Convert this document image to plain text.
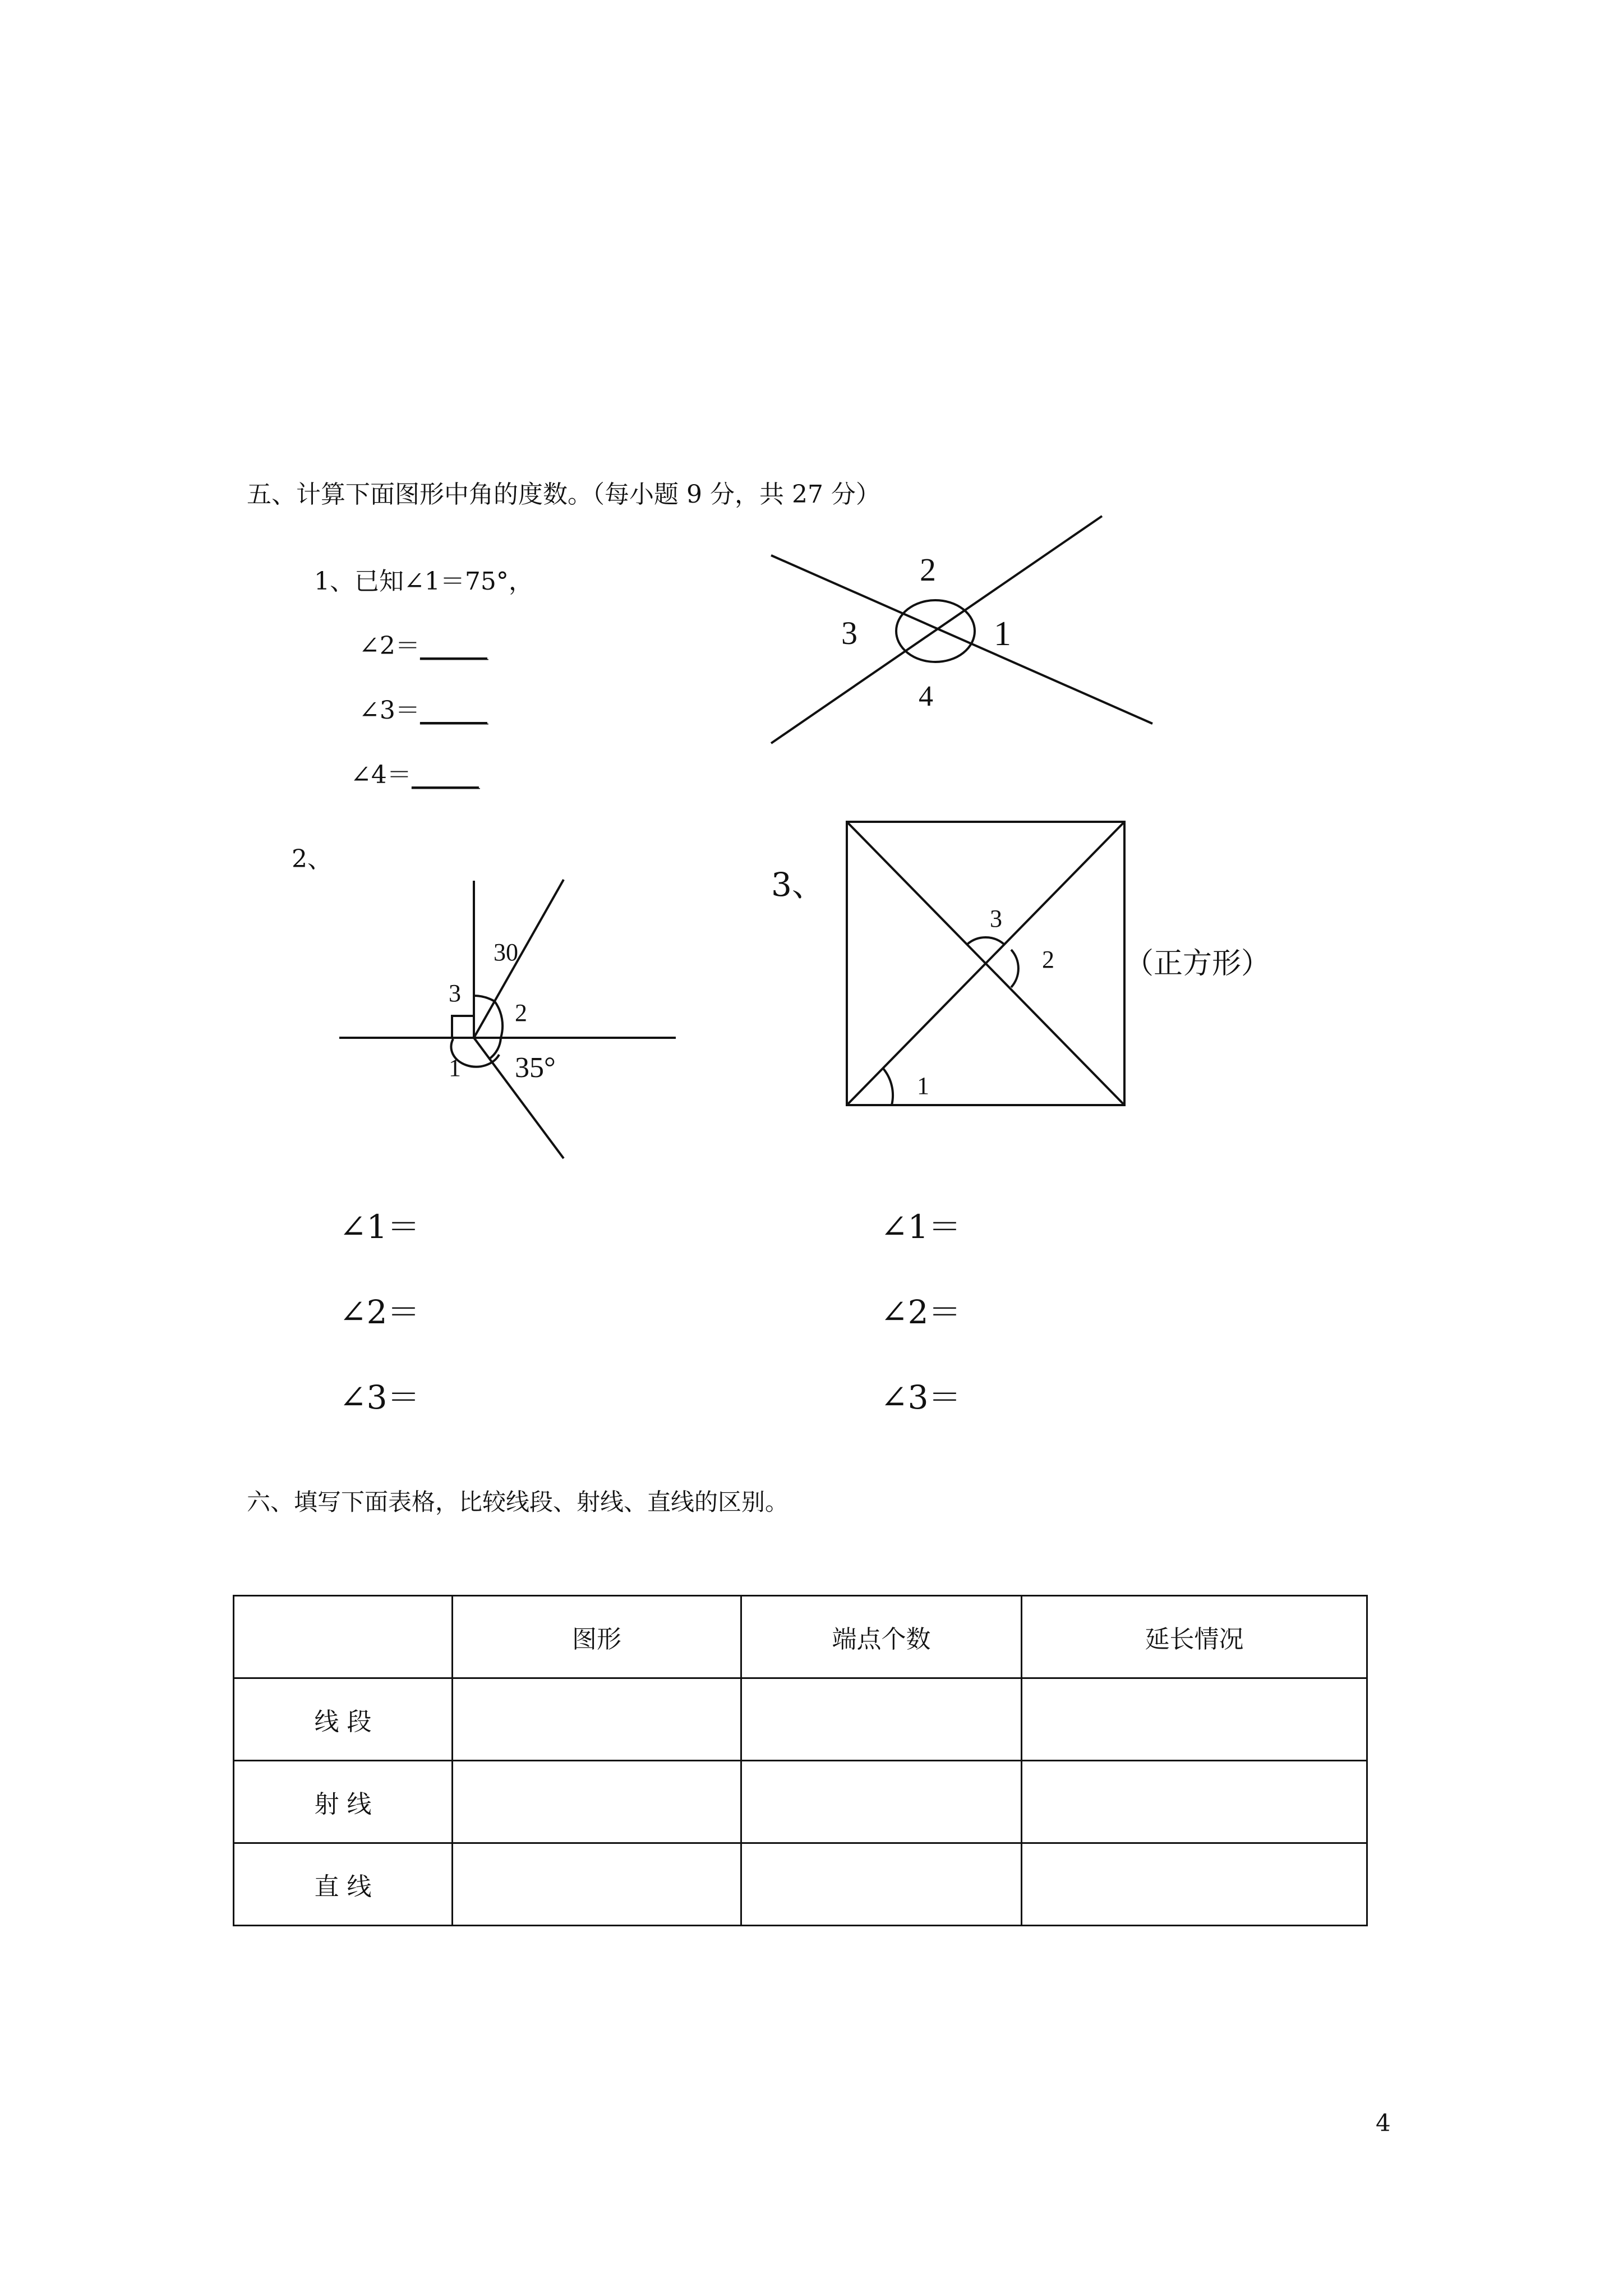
五、计算下面图形中角的度数。（每小题 9 分，共 27 分）
1、已知∠1＝75°，
∠2＝______
∠3＝______
∠4＝______
2、
3、
2
3	1
4
30
3
2
1 35°
3
2
1
（正方形）
∠1＝
∠2＝
∠3＝
∠1＝
∠2＝
∠3＝
六、填写下面表格，比较线段、射线、直线的区别。
	图形	端点个数	延长情况
线 段			
射 线			
直 线			
4
